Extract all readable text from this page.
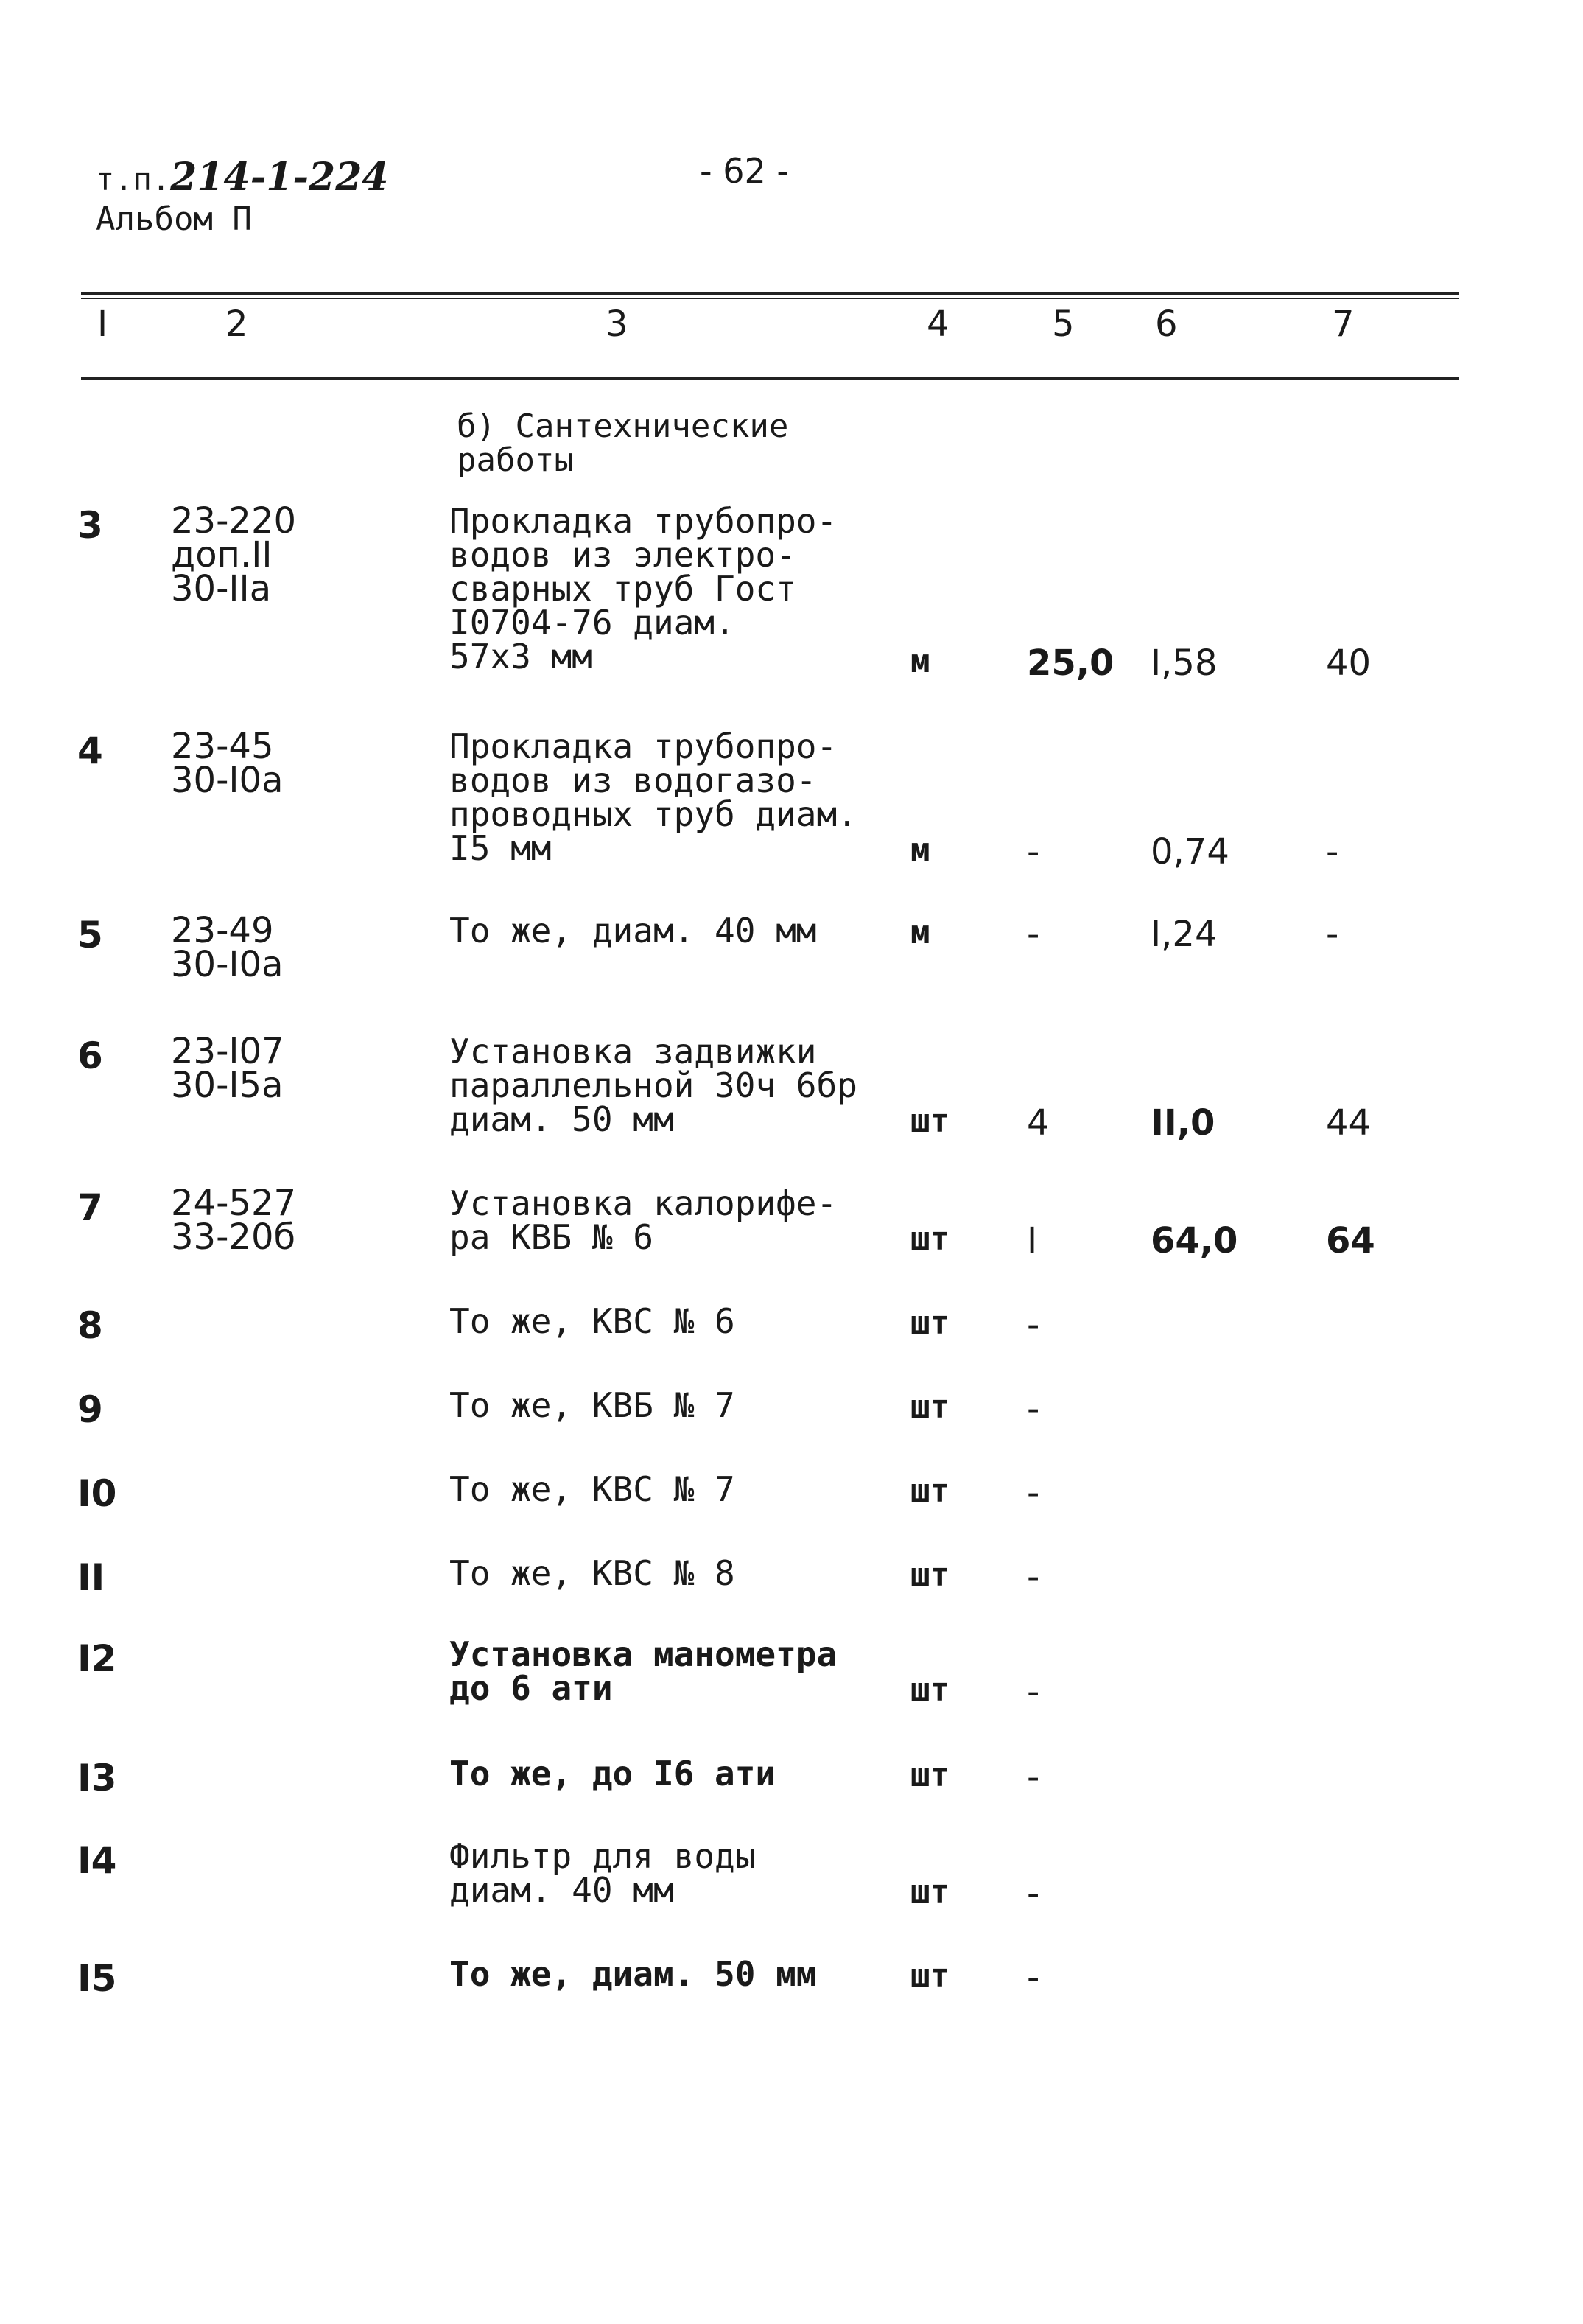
т.п.214-1-224
Альбом П
- 62 -
I	2	3	4	5 6	7
б) Сантехнические
работы
3 23-220
доп.II
30-IIa
Прокладка трубопро-
водов из электро-
сварных труб Гост
I0704-76 диам.
57x3 мм	м	25,0 I,58	40
4 23-45
30-I0a
Прокладка трубопро-
водов из водогазо-
проводных труб диам.
I5 мм	м	-	0,74	-
5 23-49
30-I0a
То же, диам. 40 мм	м	-	I,24	-
6 23-I07
30-I5a
Установка задвижки
параллельной 30ч 6бр
диам. 50 мм	шт 4	II,0	44
7 24-527
33-20б
Установка калорифе-
ра КВБ № 6	шт I	64,0 64
8	То же, КВС № 6	шт -
9	То же, КВБ № 7	шт -
I0	То же, КВС № 7	шт -
II	То же, КВС № 8	шт -
I2	Установка манометра
до 6 ати	шт -
I3	То же, до I6 ати	шт -
I4	Фильтр для воды
диам. 40 мм	шт -
I5	То же, диам. 50 мм	шт -
